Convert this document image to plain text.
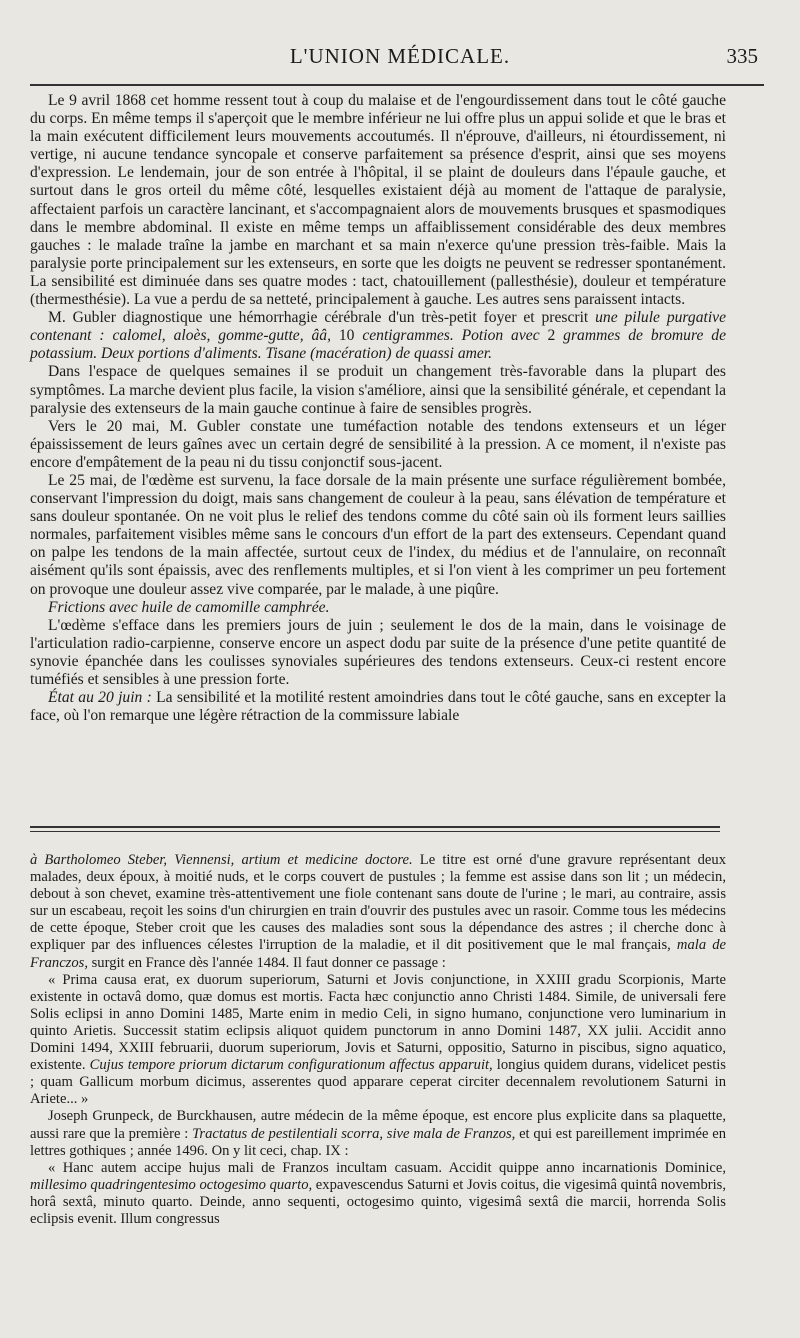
L'UNION MÉDICALE.	335

Le 9 avril 1868 cet homme ressent tout à coup du malaise et de l'engourdissement dans tout le côté gauche du corps. En même temps il s'aperçoit que le membre inférieur ne lui offre plus un appui solide et que le bras et la main exécutent difficilement leurs mouvements accoutumés. Il n'éprouve, d'ailleurs, ni étourdissement, ni vertige, ni aucune tendance syncopale et conserve parfaitement sa présence d'esprit, ainsi que ses moyens d'expression. Le lendemain, jour de son entrée à l'hôpital, il se plaint de douleurs dans l'épaule gauche, et surtout dans le gros orteil du même côté, lesquelles existaient déjà au moment de l'attaque de paralysie, affectaient parfois un caractère lancinant, et s'accompagnaient alors de mouvements brusques et spasmodiques dans le membre abdominal. Il existe en même temps un affaiblissement considérable des deux membres gauches : le malade traîne la jambe en marchant et sa main n'exerce qu'une pression très-faible. Mais la paralysie porte principalement sur les extenseurs, en sorte que les doigts ne peuvent se redresser spontanément. La sensibilité est diminuée dans ses quatre modes : tact, chatouillement (pallesthésie), douleur et température (thermesthésie). La vue a perdu de sa netteté, principalement à gauche. Les autres sens paraissent intacts.

M. Gubler diagnostique une hémorrhagie cérébrale d'un très-petit foyer et prescrit une pilule purgative contenant : calomel, aloès, gomme-gutte, ââ, 10 centigrammes. Potion avec 2 grammes de bromure de potassium. Deux portions d'aliments. Tisane (macération) de quassi amer.

Dans l'espace de quelques semaines il se produit un changement très-favorable dans la plupart des symptômes. La marche devient plus facile, la vision s'améliore, ainsi que la sensibilité générale, et cependant la paralysie des extenseurs de la main gauche continue à faire de sensibles progrès.

Vers le 20 mai, M. Gubler constate une tuméfaction notable des tendons extenseurs et un léger épaississement de leurs gaînes avec un certain degré de sensibilité à la pression. A ce moment, il n'existe pas encore d'empâtement de la peau ni du tissu conjonctif sous-jacent.

Le 25 mai, de l'œdème est survenu, la face dorsale de la main présente une surface régulièrement bombée, conservant l'impression du doigt, mais sans changement de couleur à la peau, sans élévation de température et sans douleur spontanée. On ne voit plus le relief des tendons comme du côté sain où ils forment leurs saillies normales, parfaitement visibles même sans le concours d'un effort de la part des extenseurs. Cependant quand on palpe les tendons de la main affectée, surtout ceux de l'index, du médius et de l'annulaire, on reconnaît aisément qu'ils sont épaissis, avec des renflements multiples, et si l'on vient à les comprimer un peu fortement on provoque une douleur assez vive comparée, par le malade, à une piqûre.

Frictions avec huile de camomille camphrée.

L'œdème s'efface dans les premiers jours de juin ; seulement le dos de la main, dans le voisinage de l'articulation radio-carpienne, conserve encore un aspect dodu par suite de la présence d'une petite quantité de synovie épanchée dans les coulisses synoviales supérieures des tendons extenseurs. Ceux-ci restent encore tuméfiés et sensibles à une pression forte.

État au 20 juin : La sensibilité et la motilité restent amoindries dans tout le côté gauche, sans en excepter la face, où l'on remarque une légère rétraction de la commissure labiale

à Bartholomeo Steber, Viennensi, artium et medicine doctore. Le titre est orné d'une gravure représentant deux malades, deux époux, à moitié nuds, et le corps couvert de pustules ; la femme est assise dans son lit ; un médecin, debout à son chevet, examine très-attentivement une fiole contenant sans doute de l'urine ; le mari, au contraire, assis sur un escabeau, reçoit les soins d'un chirurgien en train d'ouvrir des pustules avec un rasoir. Comme tous les médecins de cette époque, Steber croit que les causes des maladies sont sous la dépendance des astres ; il cherche donc à expliquer par des influences célestes l'irruption de la maladie, et il dit positivement que le mal français, mala de Franczos, surgit en France dès l'année 1484. Il faut donner ce passage :

« Prima causa erat, ex duorum superiorum, Saturni et Jovis conjunctione, in XXIII gradu Scorpionis, Marte existente in octavâ domo, quæ domus est mortis. Facta hæc conjunctio anno Christi 1484. Simile, de universali fere Solis eclipsi in anno Domini 1485, Marte enim in medio Celi, in signo humano, conjunctione vero luminarium in quinto Arietis. Successit statim eclipsis aliquot quidem punctorum in anno Domini 1487, XX julii. Accidit anno Domini 1494, XXIII februarii, duorum superiorum, Jovis et Saturni, oppositio, Saturno in piscibus, signo aquatico, existente. Cujus tempore priorum dictarum configurationum affectus apparuit, longius quidem durans, videlicet pestis ; quam Gallicum morbum dicimus, asserentes quod apparare ceperat circiter decennalem revolutionem Saturni in Ariete... »

Joseph Grunpeck, de Burckhausen, autre médecin de la même époque, est encore plus explicite dans sa plaquette, aussi rare que la première : Tractatus de pestilentiali scorra, sive mala de Franzos, et qui est pareillement imprimée en lettres gothiques ; année 1496. On y lit ceci, chap. IX :

« Hanc autem accipe hujus mali de Franzos incultam casuam. Accidit quippe anno incarnationis Dominice, millesimo quadringentesimo octogesimo quarto, expavescendus Saturni et Jovis coitus, die vigesimâ quintâ novembris, horâ sextâ, minuto quarto. Deinde, anno sequenti, octogesimo quinto, vigesimâ sextâ die marcii, horrenda Solis eclipsis evenit. Illum congressus
